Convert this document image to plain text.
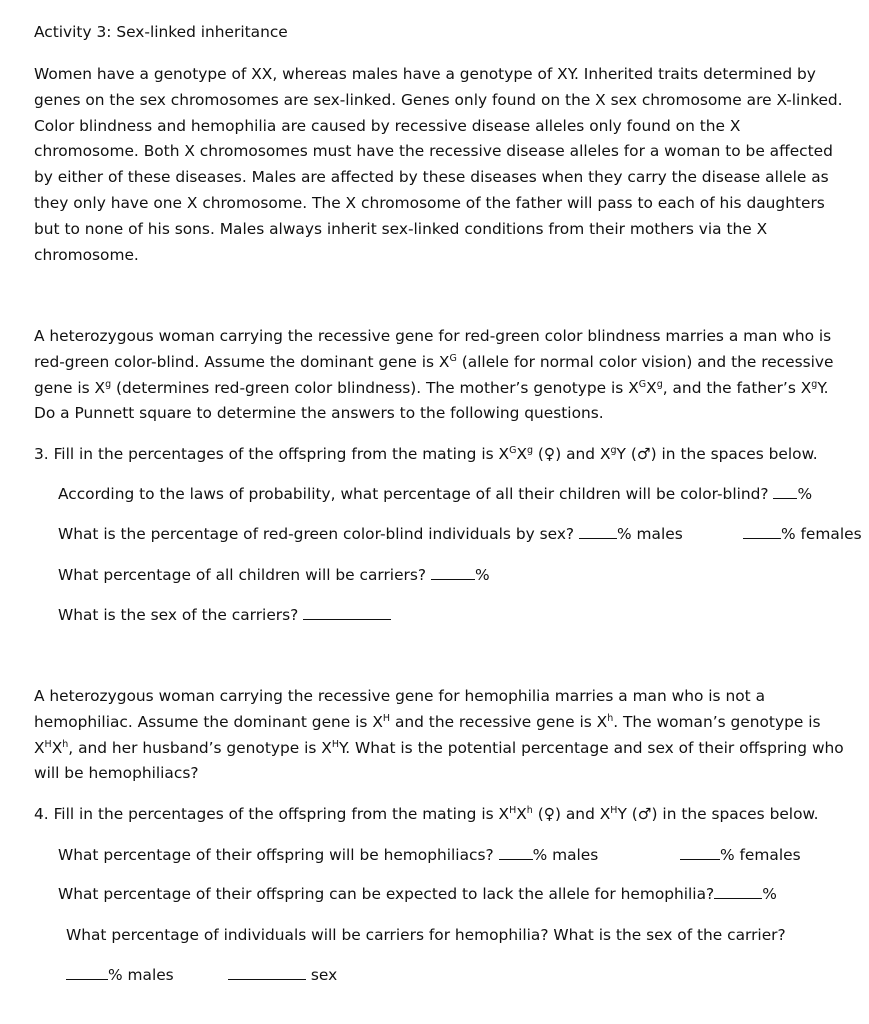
Activity 3: Sex-linked inheritance

Women have a genotype of XX, whereas males have a genotype of XY. Inherited traits determined by

genes on the sex chromosomes are sex-linked. Genes only found on the X sex chromosome are X-linked.

Color blindness and hemophilia are caused by recessive disease alleles only found on the X

chromosome. Both X chromosomes must have the recessive disease alleles for a woman to be affected

by either of these diseases. Males are affected by these diseases when they carry the disease allele as

they only have one X chromosome. The X chromosome of the father will pass to each of his daughters

but to none of his sons. Males always inherit sex-linked conditions from their mothers via the X

chromosome.

A heterozygous woman carrying the recessive gene for red-green color blindness marries a man who is

red-green color-blind. Assume the dominant gene is $X^G$ (allele for normal color vision) and the recessive

gene is $X^g$ (determines red-green color blindness). The mother’s genotype is $X^GX^g$, and the father’s $X^gY$.

Do a Punnett square to determine the answers to the following questions.

3. Fill in the percentages of the offspring from the mating is $X^GX^g$ (♀) and $X^gY$ (♂) in the spaces below.

According to the laws of probability, what percentage of all their children will be color-blind? %

What is the percentage of red-green color-blind individuals by sex?	% males	% females

What percentage of all children will be carriers?	%

What is the sex of the carriers?

A heterozygous woman carrying the recessive gene for hemophilia marries a man who is not a

hemophiliac. Assume the dominant gene is $X^H$ and the recessive gene is $X^h$. The woman’s genotype is

$X^HX^h$, and her husband’s genotype is $X^HY$. What is the potential percentage and sex of their offspring who

will be hemophiliacs?

4. Fill in the percentages of the offspring from the mating is $X^HX^h$ (♀) and $X^HY$ (♂) in the spaces below.

What percentage of their offspring will be hemophiliacs?	% males	% females

What percentage of their offspring can be expected to lack the allele for hemophilia?	%

What percentage of individuals will be carriers for hemophilia? What is the sex of the carrier?

% males	sex
